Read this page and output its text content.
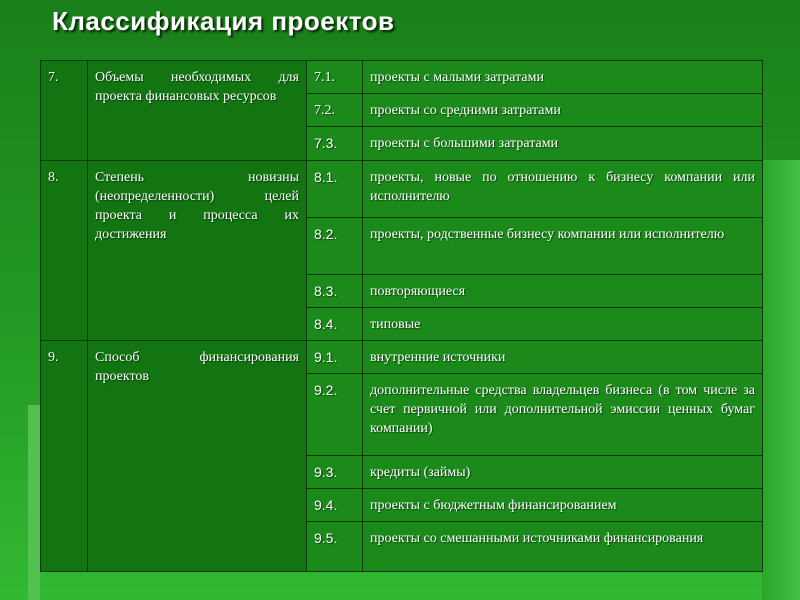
Классификация проектов
7.	Объемы необходимых для проекта финансовых ресурсов	7.1.	проекты с малыми затратами
		7.2.	проекты со средними затратами
		7.3.	проекты с большими затратами
8.	Степень новизны (неопределенности) целей проекта и процесса их достижения	8.1.	проекты, новые по отношению к бизнесу компании или исполнителю
		8.2.	проекты, родственные бизнесу компании или исполнителю
		8.3.	повторяющиеся
		8.4.	типовые
9.	Способ финансирования проектов	9.1.	внутренние источники
		9.2.	дополнительные средства владельцев бизнеса (в том числе за счет первичной или дополнительной эмиссии ценных бумаг компании)
		9.3.	кредиты (займы)
		9.4.	проекты с бюджетным финансированием
		9.5.	проекты со смешанными источниками финансирования
